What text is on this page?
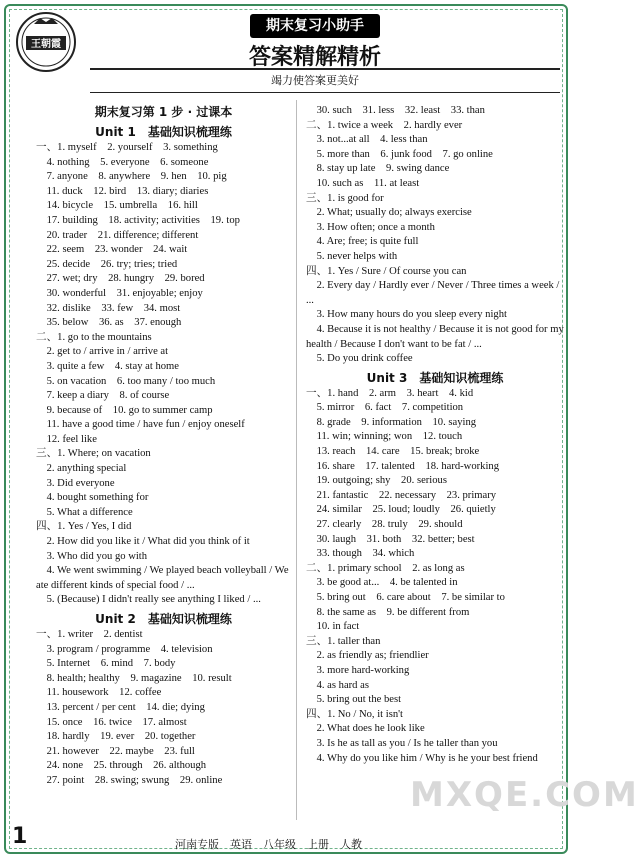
王朝霞
期末复习小助手
答案精解精析
竭力使答案更美好
期末复习第 1 步 · 过课本
Unit 1　基础知识梳理练
一、1. myself　2. yourself　3. something
　4. nothing　5. everyone　6. someone
　7. anyone　8. anywhere　9. hen　10. pig
　11. duck　12. bird　13. diary; diaries
　14. bicycle　15. umbrella　16. hill
　17. building　18. activity; activities　19. top
　20. trader　21. difference; different
　22. seem　23. wonder　24. wait
　25. decide　26. try; tries; tried
　27. wet; dry　28. hungry　29. bored
　30. wonderful　31. enjoyable; enjoy
　32. dislike　33. few　34. most
　35. below　36. as　37. enough
二、1. go to the mountains
　2. get to / arrive in / arrive at
　3. quite a few　4. stay at home
　5. on vacation　6. too many / too much
　7. keep a diary　8. of course
　9. because of　10. go to summer camp
　11. have a good time / have fun / enjoy oneself
　12. feel like
三、1. Where; on vacation
　2. anything special
　3. Did everyone
　4. bought something for
　5. What a difference
四、1. Yes / Yes, I did
　2. How did you like it / What did you think of it
　3. Who did you go with
　4. We went swimming / We played beach volleyball / We ate different kinds of special food / ...
　5. (Because) I didn't really see anything I liked / ...
Unit 2　基础知识梳理练
一、1. writer　2. dentist
　3. program / programme　4. television
　5. Internet　6. mind　7. body
　8. health; healthy　9. magazine　10. result
　11. housework　12. coffee
　13. percent / per cent　14. die; dying
　15. once　16. twice　17. almost
　18. hardly　19. ever　20. together
　21. however　22. maybe　23. full
　24. none　25. through　26. although
　27. point　28. swing; swung　29. online
　30. such　31. less　32. least　33. than
二、1. twice a week　2. hardly ever
　3. not...at all　4. less than
　5. more than　6. junk food　7. go online
　8. stay up late　9. swing dance
　10. such as　11. at least
三、1. is good for
　2. What; usually do; always exercise
　3. How often; once a month
　4. Are; free; is quite full
　5. never helps with
四、1. Yes / Sure / Of course you can
　2. Every day / Hardly ever / Never / Three times a week / ...
　3. How many hours do you sleep every night
　4. Because it is not healthy / Because it is not good for my health / Because I don't want to be fat / ...
　5. Do you drink coffee
Unit 3　基础知识梳理练
一、1. hand　2. arm　3. heart　4. kid
　5. mirror　6. fact　7. competition
　8. grade　9. information　10. saying
　11. win; winning; won　12. touch
　13. reach　14. care　15. break; broke
　16. share　17. talented　18. hard-working
　19. outgoing; shy　20. serious
　21. fantastic　22. necessary　23. primary
　24. similar　25. loud; loudly　26. quietly
　27. clearly　28. truly　29. should
　30. laugh　31. both　32. better; best
　33. though　34. which
二、1. primary school　2. as long as
　3. be good at...　4. be talented in
　5. bring out　6. care about　7. be similar to
　8. the same as　9. be different from
　10. in fact
三、1. taller than
　2. as friendly as; friendlier
　3. more hard-working
　4. as hard as
　5. bring out the best
四、1. No / No, it isn't
　2. What does he look like
　3. Is he as tall as you / Is he taller than you
　4. Why do you like him / Why is he your best friend
1	河南专版　英语　八年级　上册　人教
MXQE.COM
